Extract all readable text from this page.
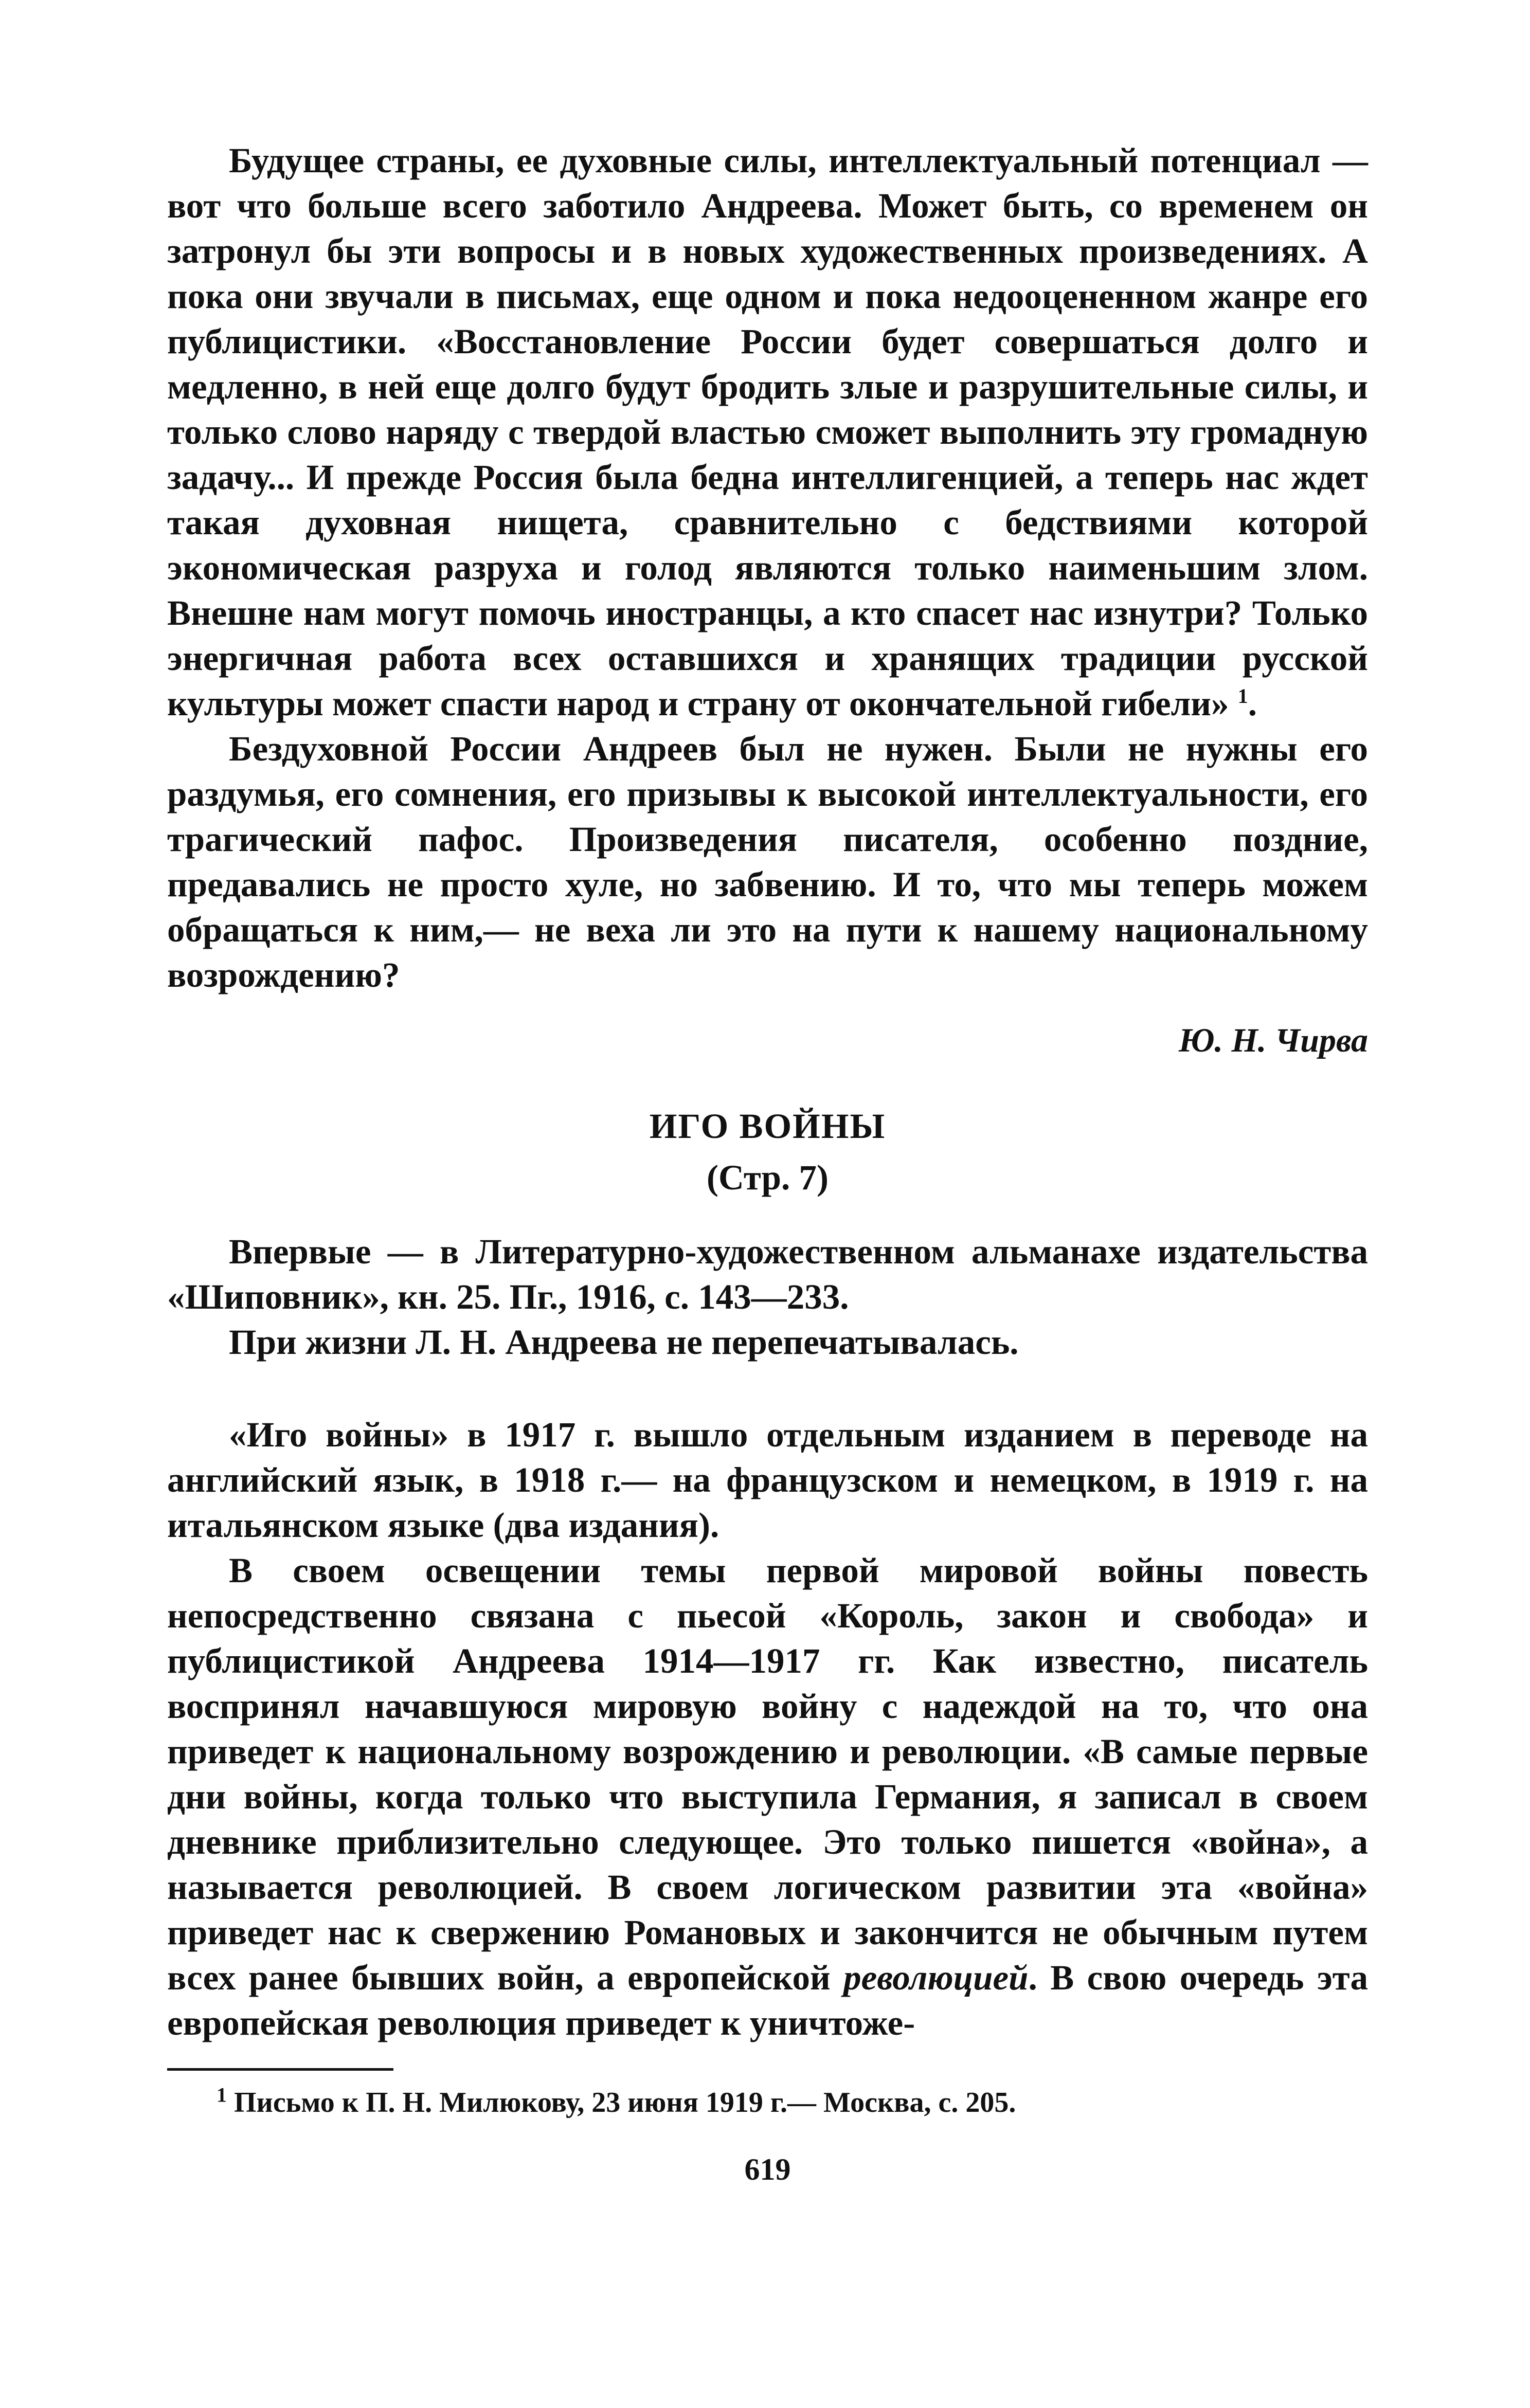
Будущее страны, ее духовные силы, интеллектуальный потенциал — вот что больше всего заботило Андреева. Может быть, со временем он затронул бы эти вопросы и в новых художественных произведениях. А пока они звучали в письмах, еще одном и пока недооцененном жанре его публицистики. «Восстановление России будет совершаться долго и медленно, в ней еще долго будут бродить злые и разрушительные силы, и только слово наряду с твердой властью сможет выполнить эту громадную задачу... И прежде Россия была бедна интеллигенцией, а теперь нас ждет такая духовная нищета, сравнительно с бедствиями которой экономическая разруха и голод являются только наименьшим злом. Внешне нам могут помочь иностранцы, а кто спасет нас изнутри? Только энергичная работа всех оставшихся и хранящих традиции русской культуры может спасти народ и страну от окончательной гибели» $^1$.

Бездуховной России Андреев был не нужен. Были не нужны его раздумья, его сомнения, его призывы к высокой интеллектуальности, его трагический пафос. Произведения писателя, особенно поздние, предавались не просто хуле, но забвению. И то, что мы теперь можем обращаться к ним,— не веха ли это на пути к нашему национальному возрождению?

Ю. Н. Чирва

ИГО ВОЙНЫ

(Стр. 7)

Впервые — в Литературно-художественном альманахе издательства «Шиповник», кн. 25. Пг., 1916, с. 143—233.

При жизни Л. Н. Андреева не перепечатывалась.

«Иго войны» в 1917 г. вышло отдельным изданием в переводе на английский язык, в 1918 г.— на французском и немецком, в 1919 г. на итальянском языке (два издания).

В своем освещении темы первой мировой войны повесть непосредственно связана с пьесой «Король, закон и свобода» и публицистикой Андреева 1914—1917 гг. Как известно, писатель воспринял начавшуюся мировую войну с надеждой на то, что она приведет к национальному возрождению и революции. «В самые первые дни войны, когда только что выступила Германия, я записал в своем дневнике приблизительно следующее. Это только пишется «война», а называется революцией. В своем логическом развитии эта «война» приведет нас к свержению Романовых и закончится не обычным путем всех ранее бывших войн, а европейской революцией. В свою очередь эта европейская революция приведет к уничтоже-

$^1$ Письмо к П. Н. Милюкову, 23 июня 1919 г.— Москва, с. 205.

619
